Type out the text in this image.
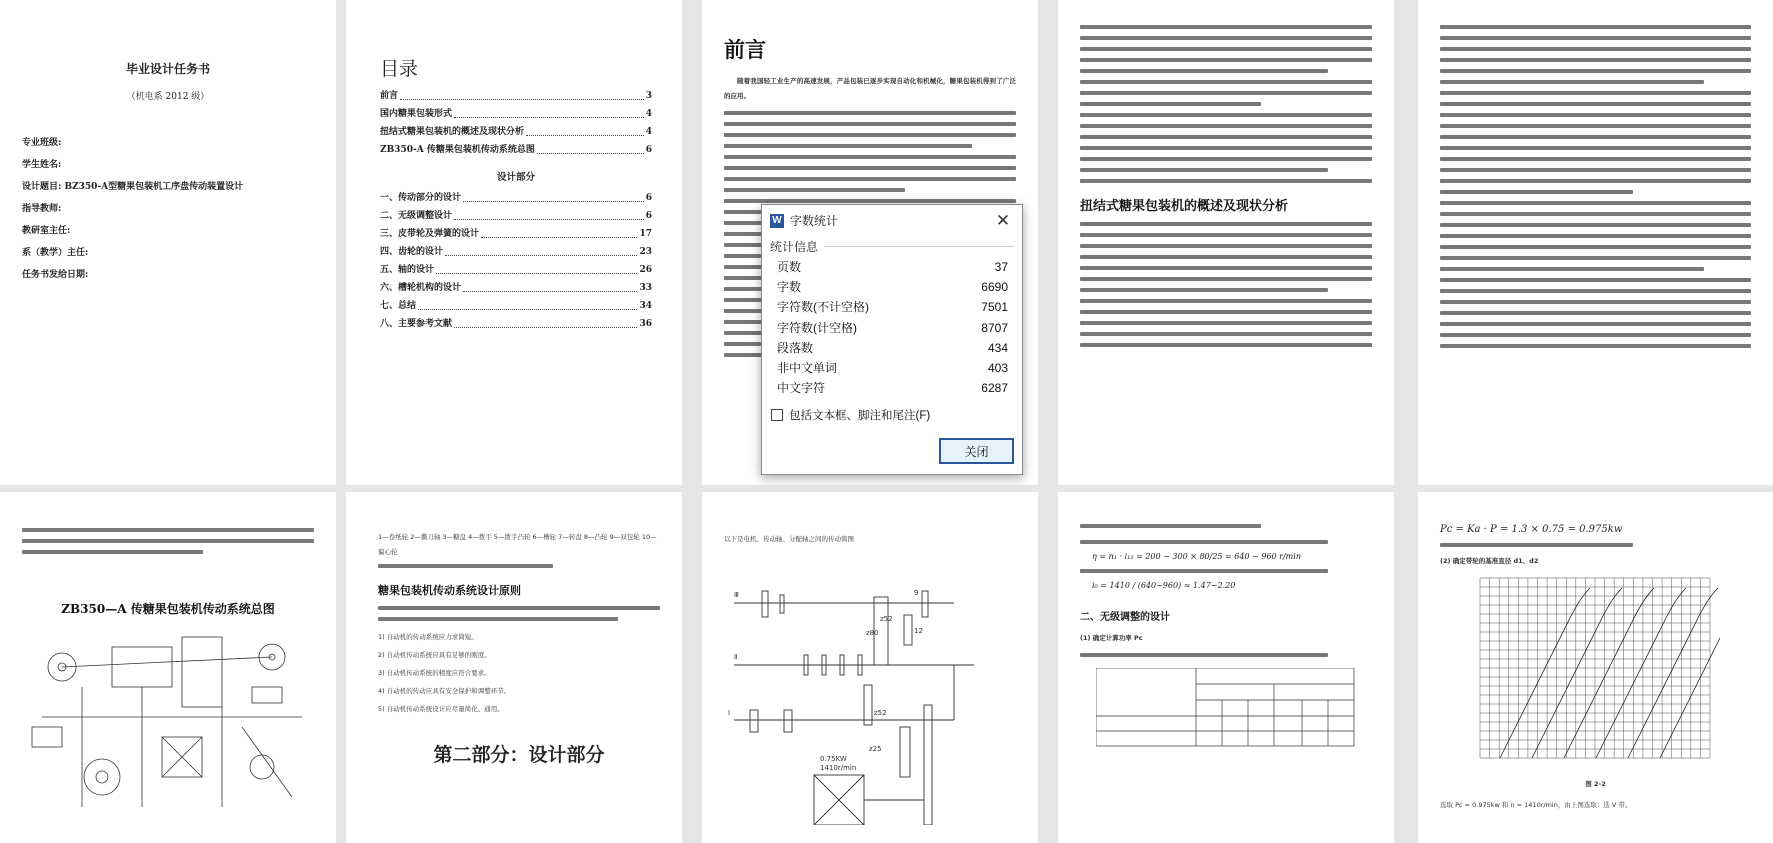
毕业设计任务书
（机电系 2012 级）
专业班级:
学生姓名:
设计题目: BZ350-A型糖果包装机工序盘传动装置设计
指导教师:
教研室主任:
系（教学）主任:
任务书发给日期:
目录
前言	3
国内糖果包装形式	4
扭结式糖果包装机的概述及现状分析	4
ZB350-A 传糖果包装机传动系统总图	6
设计部分
一、传动部分的设计	6
二、无级调整设计	6
三、皮带轮及弹簧的设计	17
四、齿轮的设计	23
五、轴的设计	26
六、槽轮机构的设计	33
七、总结	34
八、主要参考文献	36
前言
随着我国轻工业生产的高速发展，产品包装已逐步实现自动化和机械化，糖果包装机得到了广泛的应用。
扭结式糖果包装机的概述及现状分析
ZB350—A 传糖果包装机传动系统总图
1—卷纸轮 2—撕刀轴 3—糖盘 4—拨手 5—拨手凸轮 6—槽轮 7—转盘 8—凸轮 9—双包轮 10—偏心轮
糖果包装机传动系统设计原则
1) 自动机的传动系统应力求简短。
2) 自动机传动系统应具有足够的刚度。
3) 自动机传动系统的精度应符合要求。
4) 自动机的传动应具有安全保护和调整环节。
5) 自动机传动系统设计应尽量简化、通用。
第二部分：设计部分
以下是电机、传动轴、分配轴之间的传动简图
Ⅲ
Ⅱ
Ⅰ
z52
z80
z25
z52
9
12
0.75KW
1410r/min
η = n₁ · i₁₂ = 200 ~ 300 × 80/25 = 640 ~ 960 r/min
i₀ = 1410 / (640~960) ≈ 1.47~2.20
二、无级调整的设计
(1) 确定计算功率 Pc
Pc = Ka · P = 1.3 × 0.75 = 0.975kw
(2) 确定带轮的基准直径 d1、d2
图 2-2
选取 Pc = 0.975kw 和 n = 1410r/min，由上图选取：选 V 带。
W 字数统计	✕
统计信息
页数	37
字数	6690
字符数(不计空格)	7501
字符数(计空格)	8707
段落数	434
非中文单词	403
中文字符	6287
包括文本框、脚注和尾注(F)
关闭
